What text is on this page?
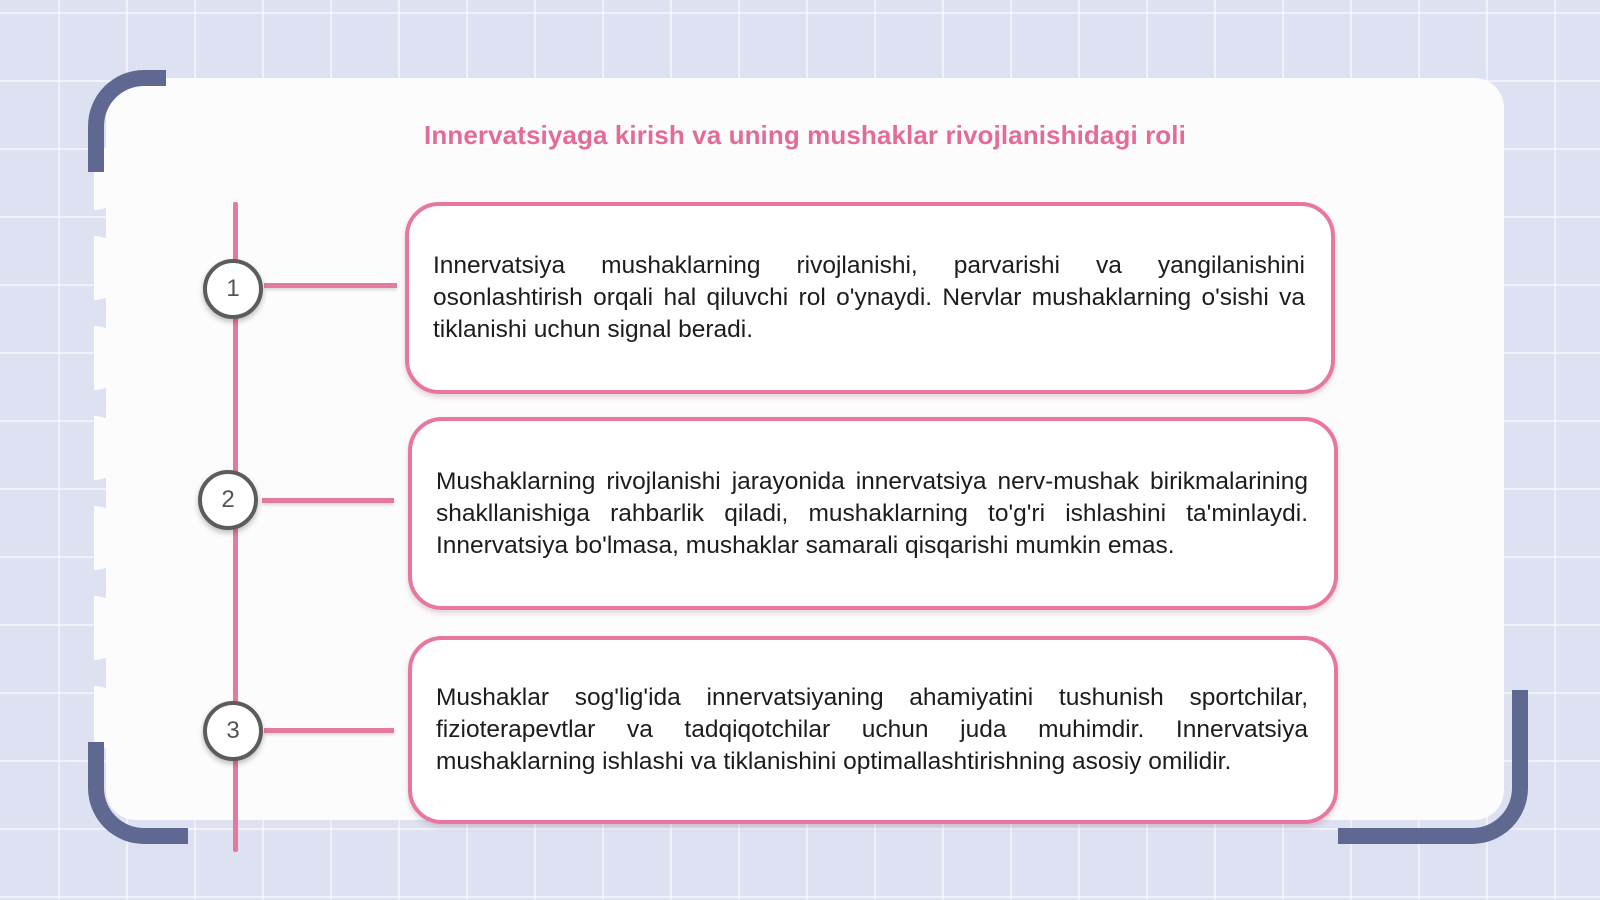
Innervatsiyaga kirish va uning mushaklar rivojlanishidagi roli
1

Innervatsiya mushaklarning rivojlanishi, parvarishi va yangilanishini osonlashtirish orqali hal qiluvchi rol o'ynaydi. Nervlar mushaklarning o'sishi va tiklanishi uchun signal beradi.

2

Mushaklarning rivojlanishi jarayonida innervatsiya nerv-mushak birikmalarining shakllanishiga rahbarlik qiladi, mushaklarning to'g'ri ishlashini ta'minlaydi. Innervatsiya bo'lmasa, mushaklar samarali qisqarishi mumkin emas.

3

Mushaklar sog'lig'ida innervatsiyaning ahamiyatini tushunish sportchilar, fizioterapevtlar va tadqiqotchilar uchun juda muhimdir. Innervatsiya mushaklarning ishlashi va tiklanishini optimallashtirishning asosiy omilidir.
